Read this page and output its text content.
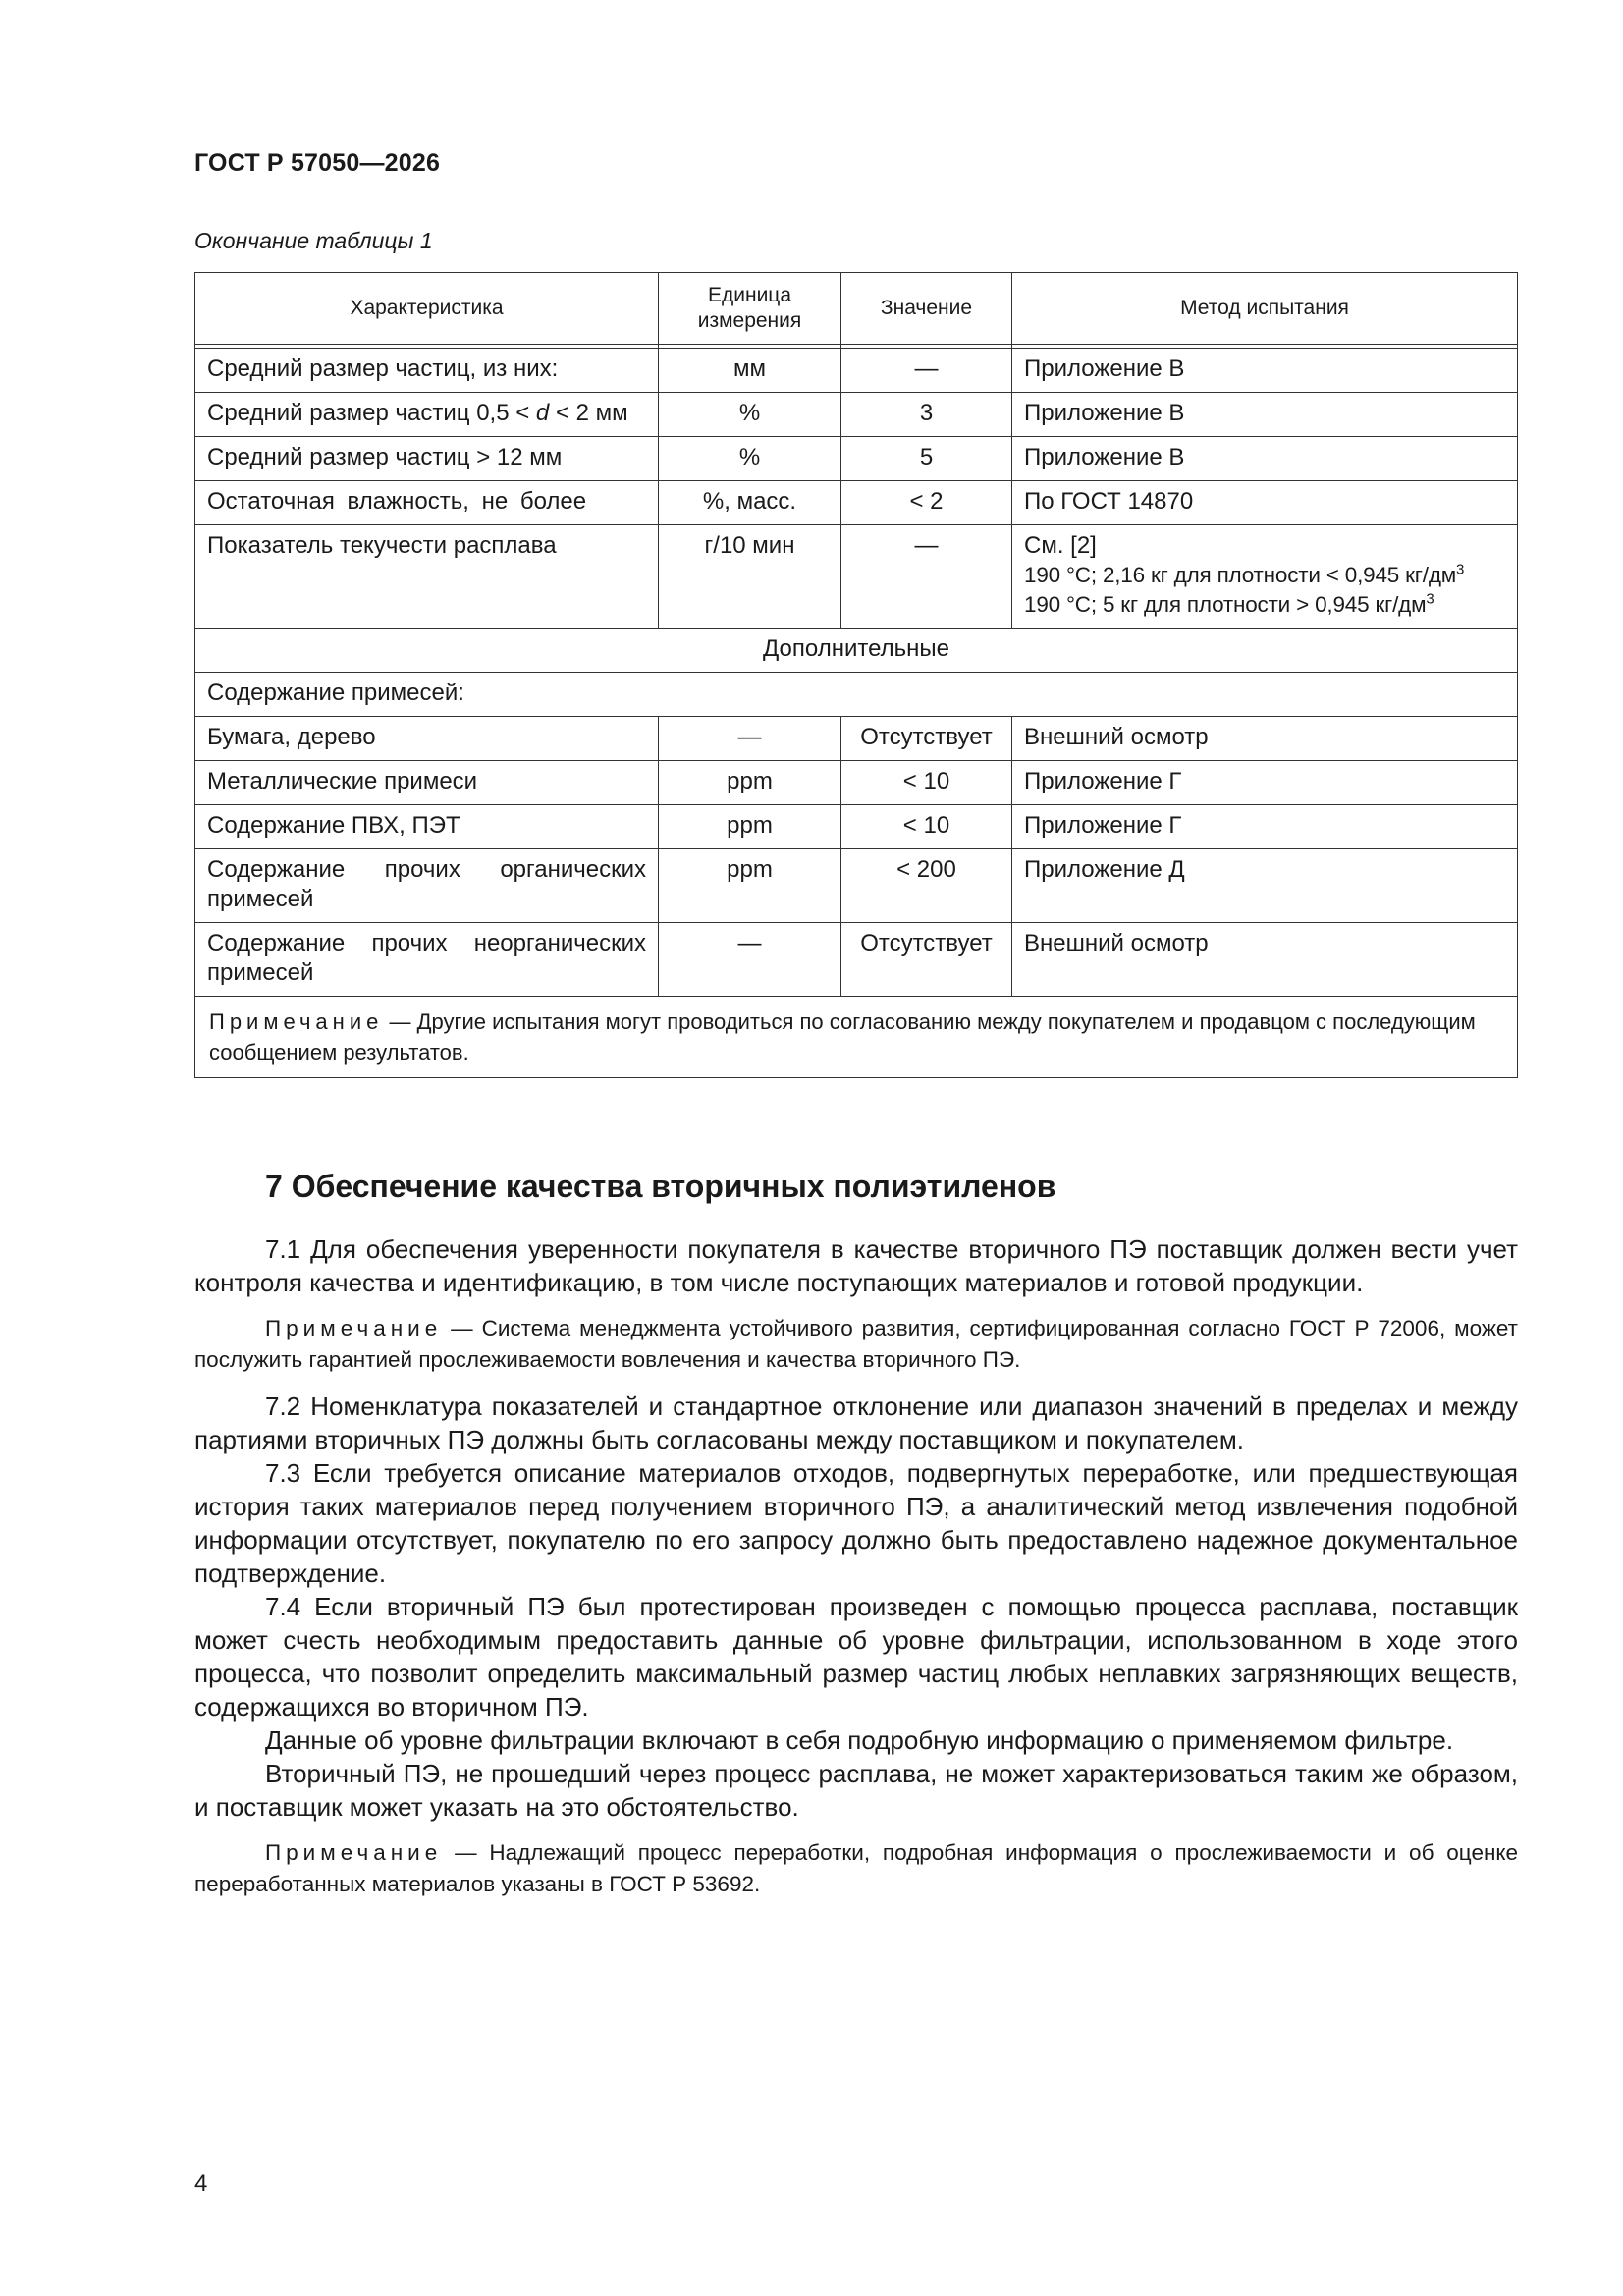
ГОСТ Р 57050—2026
Окончание таблицы 1
Характеристика	Единица измерения	Значение	Метод испытания

Средний размер частиц, из них:	мм	—	Приложение В
Средний размер частиц 0,5 < d < 2 мм	%	3	Приложение В
Средний размер частиц > 12 мм	%	5	Приложение В
Остаточная влажность, не более	%, масс.	< 2	По ГОСТ 14870
Показатель текучести расплава	г/10 мин	—	См. [2]
190 °C; 2,16 кг для плотности < 0,945 $кг/дм^3$
190 °C; 5 кг для плотности > 0,945 $кг/дм^3$

Дополнительные			
Содержание примесей:			
Бумага, дерево	—	Отсутствует	Внешний осмотр
Металлические примеси	ppm	< 10	Приложение Г
Содержание ПВХ, ПЭТ	ppm	< 10	Приложение Г
Содержание прочих органических примесей	ppm	< 200	Приложение Д
Содержание прочих неорганических примесей	—	Отсутствует	Внешний осмотр
Примечание — Другие испытания могут проводиться по согласованию между покупателем и продавцом с последующим сообщением результатов.			
7 Обеспечение качества вторичных полиэтиленов

7.1 Для обеспечения уверенности покупателя в качестве вторичного ПЭ поставщик должен вести учет контроля качества и идентификацию, в том числе поступающих материалов и готовой продукции.

Примечание — Система менеджмента устойчивого развития, сертифицированная согласно ГОСТ Р 72006, может послужить гарантией прослеживаемости вовлечения и качества вторичного ПЭ.

7.2 Номенклатура показателей и стандартное отклонение или диапазон значений в пределах и между партиями вторичных ПЭ должны быть согласованы между поставщиком и покупателем.

7.3 Если требуется описание материалов отходов, подвергнутых переработке, или предшествующая история таких материалов перед получением вторичного ПЭ, а аналитический метод извлечения подобной информации отсутствует, покупателю по его запросу должно быть предоставлено надежное документальное подтверждение.

7.4 Если вторичный ПЭ был протестирован произведен с помощью процесса расплава, поставщик может счесть необходимым предоставить данные об уровне фильтрации, использованном в ходе этого процесса, что позволит определить максимальный размер частиц любых неплавких загрязняющих веществ, содержащихся во вторичном ПЭ.

Данные об уровне фильтрации включают в себя подробную информацию о применяемом фильтре.

Вторичный ПЭ, не прошедший через процесс расплава, не может характеризоваться таким же образом, и поставщик может указать на это обстоятельство.

Примечание — Надлежащий процесс переработки, подробная информация о прослеживаемости и об оценке переработанных материалов указаны в ГОСТ Р 53692.

4
